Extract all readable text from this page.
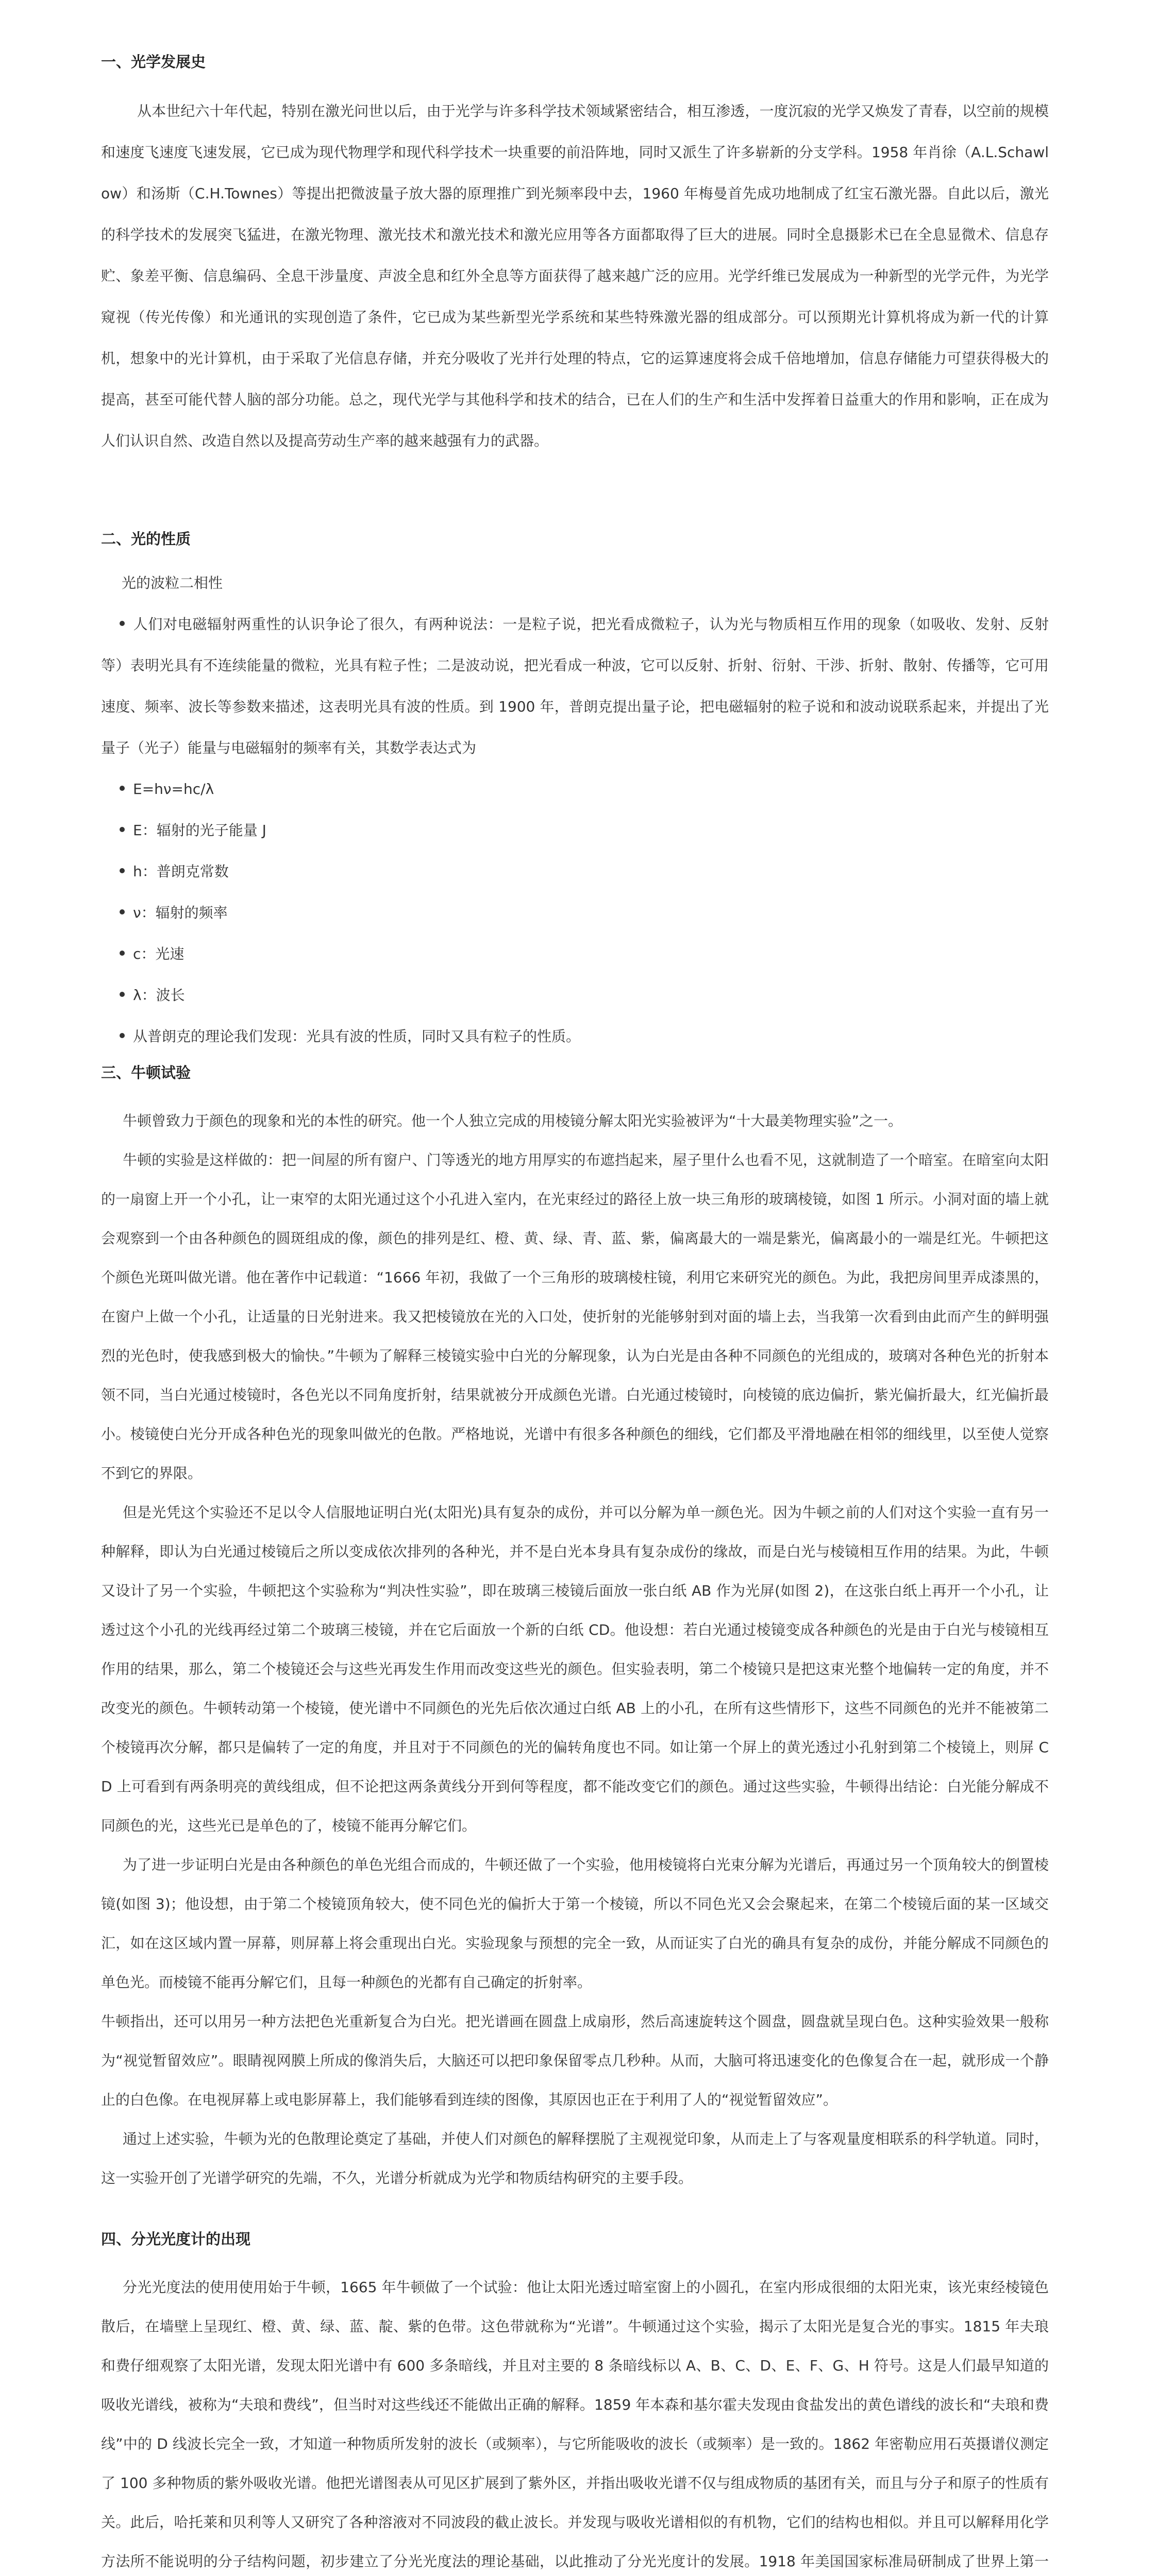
一、光学发展史

从本世纪六十年代起，特别在激光问世以后，由于光学与许多科学技术领域紧密结合，相互渗透，一度沉寂的光学又焕发了青春，以空前的规模和速度飞速度飞速发展，它已成为现代物理学和现代科学技术一块重要的前沿阵地，同时又派生了许多崭新的分支学科。1958 年肖徐（A.L.Schawlow）和汤斯（C.H.Townes）等提出把微波量子放大器的原理推广到光频率段中去，1960 年梅曼首先成功地制成了红宝石激光器。自此以后，激光的科学技术的发展突飞猛进，在激光物理、激光技术和激光技术和激光应用等各方面都取得了巨大的进展。同时全息摄影术已在全息显微术、信息存贮、象差平衡、信息编码、全息干涉量度、声波全息和红外全息等方面获得了越来越广泛的应用。光学纤维已发展成为一种新型的光学元件，为光学窥视（传光传像）和光通讯的实现创造了条件，它已成为某些新型光学系统和某些特殊激光器的组成部分。可以预期光计算机将成为新一代的计算机，想象中的光计算机，由于采取了光信息存储，并充分吸收了光并行处理的特点，它的运算速度将会成千倍地增加，信息存储能力可望获得极大的提高，甚至可能代替人脑的部分功能。总之，现代光学与其他科学和技术的结合，已在人们的生产和生活中发挥着日益重大的作用和影响，正在成为人们认识自然、改造自然以及提高劳动生产率的越来越强有力的武器。

二、光的性质
光的波粒二相性

人们对电磁辐射两重性的认识争论了很久，有两种说法：一是粒子说，把光看成微粒子，认为光与物质相互作用的现象（如吸收、发射、反射等）表明光具有不连续能量的微粒，光具有粒子性；二是波动说，把光看成一种波，它可以反射、折射、衍射、干涉、折射、散射、传播等，它可用速度、频率、波长等参数来描述，这表明光具有波的性质。到 1900 年，普朗克提出量子论，把电磁辐射的粒子说和和波动说联系起来，并提出了光量子（光子）能量与电磁辐射的频率有关，其数学表达式为

E=hν=hc/λ
E：辐射的光子能量 J
h：普朗克常数
ν：辐射的频率
c：光速
λ：波长
从普朗克的理论我们发现：光具有波的性质，同时又具有粒子的性质。
三、牛顿试验

牛顿曾致力于颜色的现象和光的本性的研究。他一个人独立完成的用棱镜分解太阳光实验被评为“十大最美物理实验”之一。

牛顿的实验是这样做的：把一间屋的所有窗户、门等透光的地方用厚实的布遮挡起来，屋子里什么也看不见，这就制造了一个暗室。在暗室向太阳的一扇窗上开一个小孔，让一束窄的太阳光通过这个小孔进入室内，在光束经过的路径上放一块三角形的玻璃棱镜，如图 1 所示。小洞对面的墙上就会观察到一个由各种颜色的圆斑组成的像，颜色的排列是红、橙、黄、绿、青、蓝、紫，偏离最大的一端是紫光，偏离最小的一端是红光。牛顿把这个颜色光斑叫做光谱。他在著作中记载道：“1666 年初，我做了一个三角形的玻璃棱柱镜，利用它来研究光的颜色。为此，我把房间里弄成漆黑的，在窗户上做一个小孔，让适量的日光射进来。我又把棱镜放在光的入口处，使折射的光能够射到对面的墙上去，当我第一次看到由此而产生的鲜明强烈的光色时，使我感到极大的愉快。”牛顿为了解释三棱镜实验中白光的分解现象，认为白光是由各种不同颜色的光组成的，玻璃对各种色光的折射本领不同，当白光通过棱镜时，各色光以不同角度折射，结果就被分开成颜色光谱。白光通过棱镜时，向棱镜的底边偏折，紫光偏折最大，红光偏折最小。棱镜使白光分开成各种色光的现象叫做光的色散。严格地说，光谱中有很多各种颜色的细线，它们都及平滑地融在相邻的细线里，以至使人觉察不到它的界限。

但是光凭这个实验还不足以令人信服地证明白光(太阳光)具有复杂的成份，并可以分解为单一颜色光。因为牛顿之前的人们对这个实验一直有另一种解释，即认为白光通过棱镜后之所以变成依次排列的各种光，并不是白光本身具有复杂成份的缘故，而是白光与棱镜相互作用的结果。为此，牛顿又设计了另一个实验，牛顿把这个实验称为“判决性实验”，即在玻璃三棱镜后面放一张白纸 AB 作为光屏(如图 2)，在这张白纸上再开一个小孔，让透过这个小孔的光线再经过第二个玻璃三棱镜，并在它后面放一个新的白纸 CD。他设想：若白光通过棱镜变成各种颜色的光是由于白光与棱镜相互作用的结果，那么，第二个棱镜还会与这些光再发生作用而改变这些光的颜色。但实验表明，第二个棱镜只是把这束光整个地偏转一定的角度，并不改变光的颜色。牛顿转动第一个棱镜，使光谱中不同颜色的光先后依次通过白纸 AB 上的小孔，在所有这些情形下，这些不同颜色的光并不能被第二个棱镜再次分解，都只是偏转了一定的角度，并且对于不同颜色的光的偏转角度也不同。如让第一个屏上的黄光透过小孔射到第二个棱镜上，则屏 CD 上可看到有两条明亮的黄线组成，但不论把这两条黄线分开到何等程度，都不能改变它们的颜色。通过这些实验，牛顿得出结论：白光能分解成不同颜色的光，这些光已是单色的了，棱镜不能再分解它们。

为了进一步证明白光是由各种颜色的单色光组合而成的，牛顿还做了一个实验，他用棱镜将白光束分解为光谱后，再通过另一个顶角较大的倒置棱镜(如图 3)；他设想，由于第二个棱镜顶角较大，使不同色光的偏折大于第一个棱镜，所以不同色光又会会聚起来，在第二个棱镜后面的某一区域交汇，如在这区域内置一屏幕，则屏幕上将会重现出白光。实验现象与预想的完全一致，从而证实了白光的确具有复杂的成份，并能分解成不同颜色的单色光。而棱镜不能再分解它们，且每一种颜色的光都有自己确定的折射率。

牛顿指出，还可以用另一种方法把色光重新复合为白光。把光谱画在圆盘上成扇形，然后高速旋转这个圆盘，圆盘就呈现白色。这种实验效果一般称为“视觉暂留效应”。眼睛视网膜上所成的像消失后，大脑还可以把印象保留零点几秒种。从而，大脑可将迅速变化的色像复合在一起，就形成一个静止的白色像。在电视屏幕上或电影屏幕上，我们能够看到连续的图像，其原因也正在于利用了人的“视觉暂留效应”。

通过上述实验，牛顿为光的色散理论奠定了基础，并使人们对颜色的解释摆脱了主观视觉印象，从而走上了与客观量度相联系的科学轨道。同时，这一实验开创了光谱学研究的先端，不久，光谱分析就成为光学和物质结构研究的主要手段。

四、分光光度计的出现

分光光度法的使用使用始于牛顿，1665 年牛顿做了一个试验：他让太阳光透过暗室窗上的小圆孔，在室内形成很细的太阳光束，该光束经棱镜色散后，在墙壁上呈现红、橙、黄、绿、蓝、靛、紫的色带。这色带就称为“光谱”。牛顿通过这个实验，揭示了太阳光是复合光的事实。1815 年夫琅和费仔细观察了太阳光谱，发现太阳光谱中有 600 多条暗线，并且对主要的 8 条暗线标以 A、B、C、D、E、F、G、H 符号。这是人们最早知道的吸收光谱线，被称为“夫琅和费线”，但当时对这些线还不能做出正确的解释。1859 年本森和基尔霍夫发现由食盐发出的黄色谱线的波长和“夫琅和费线”中的 D 线波长完全一致，才知道一种物质所发射的波长（或频率），与它所能吸收的波长（或频率）是一致的。1862 年密勒应用石英摄谱仪测定了 100 多种物质的紫外吸收光谱。他把光谱图表从可见区扩展到了紫外区，并指出吸收光谱不仅与组成物质的基团有关，而且与分子和原子的性质有关。此后，哈托莱和贝利等人又研究了各种溶液对不同波段的截止波长。并发现与吸收光谱相似的有机物，它们的结构也相似。并且可以解释用化学方法所不能说明的分子结构问题，初步建立了分光光度法的理论基础，以此推动了分光光度计的发展。1918 年美国国家标准局研制成了世界上第一
